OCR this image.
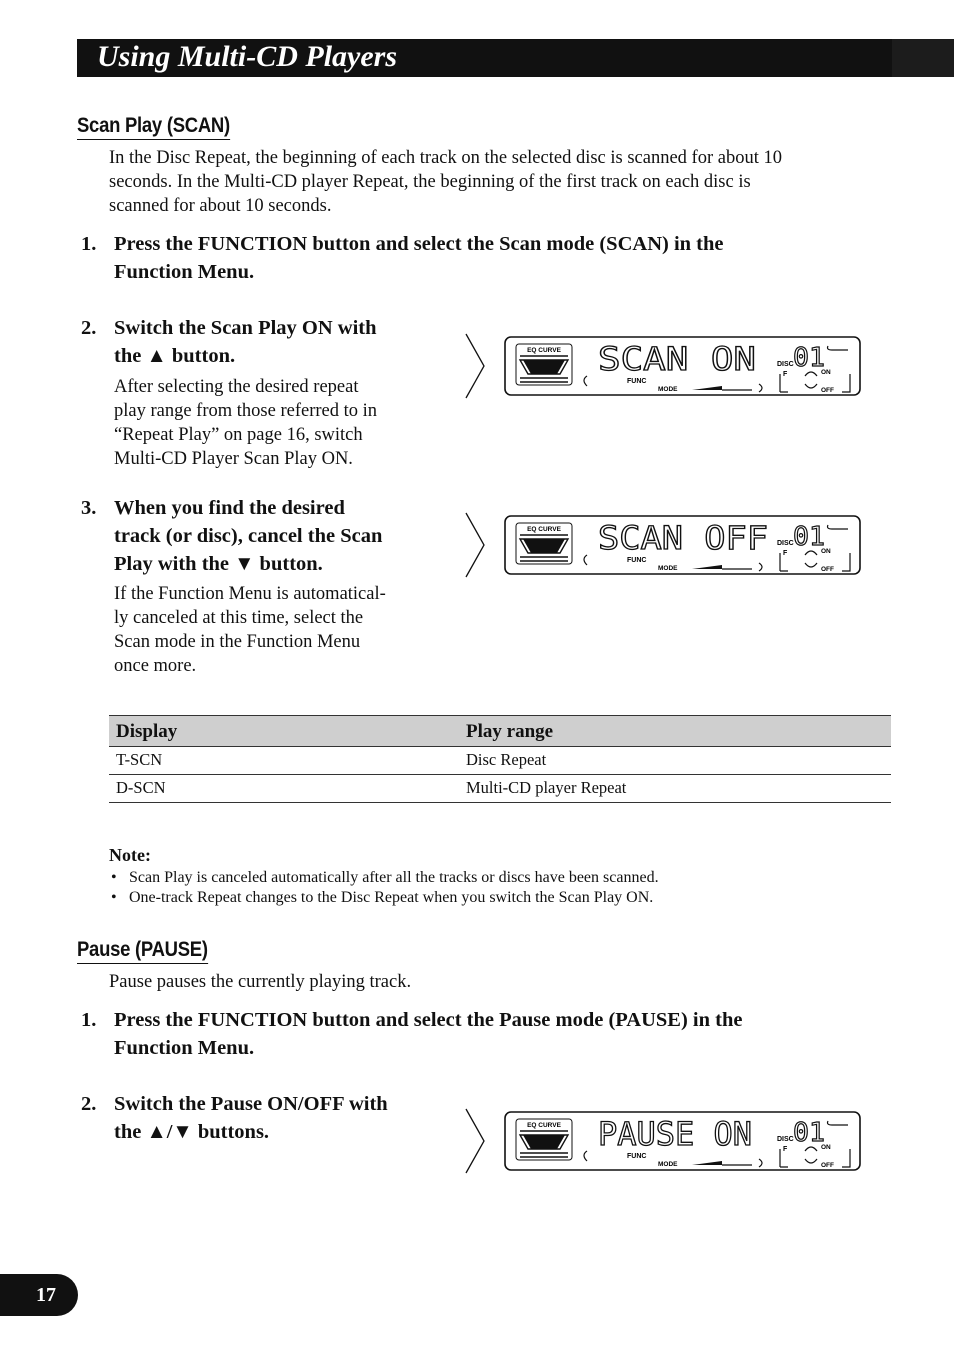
Using Multi-CD Players
Scan Play (SCAN)
In the Disc Repeat, the beginning of each track on the selected disc is scanned for about 10
seconds. In the Multi-CD player Repeat, the beginning of the first track on each disc is
scanned for about 10 seconds.
1. Press the FUNCTION button and select the Scan mode (SCAN) in the
Function Menu.
2. Switch the Scan Play ON with
the ▲ button.
After selecting the desired repeat
play range from those referred to in
“Repeat Play” on page 16, switch
Multi-CD Player Scan Play ON.
3. When you find the desired
track (or disc), cancel the Scan
Play with the ▼ button.
If the Function Menu is automatical-
ly canceled at this time, select the
Scan mode in the Function Menu
once more.
EQ CURVE SCAN ON	DISC 01
FUNC
MODE
F	ON
OFF
EQ CURVE SCAN OFF DISC 01
FUNC
MODE
F	ON
OFF
Display	Play range
T-SCN	Disc Repeat
D-SCN	Multi-CD player Repeat
Note:
• Scan Play is canceled automatically after all the tracks or discs have been scanned.
• One-track Repeat changes to the Disc Repeat when you switch the Scan Play ON.
Pause (PAUSE)
Pause pauses the currently playing track.
1. Press the FUNCTION button and select the Pause mode (PAUSE) in the
Function Menu.
2. Switch the Pause ON/OFF with
the ▲/▼ buttons.	EQ CURVE PAUSE ON	DISC 01
FUNC
MODE
F	ON
OFF
17
